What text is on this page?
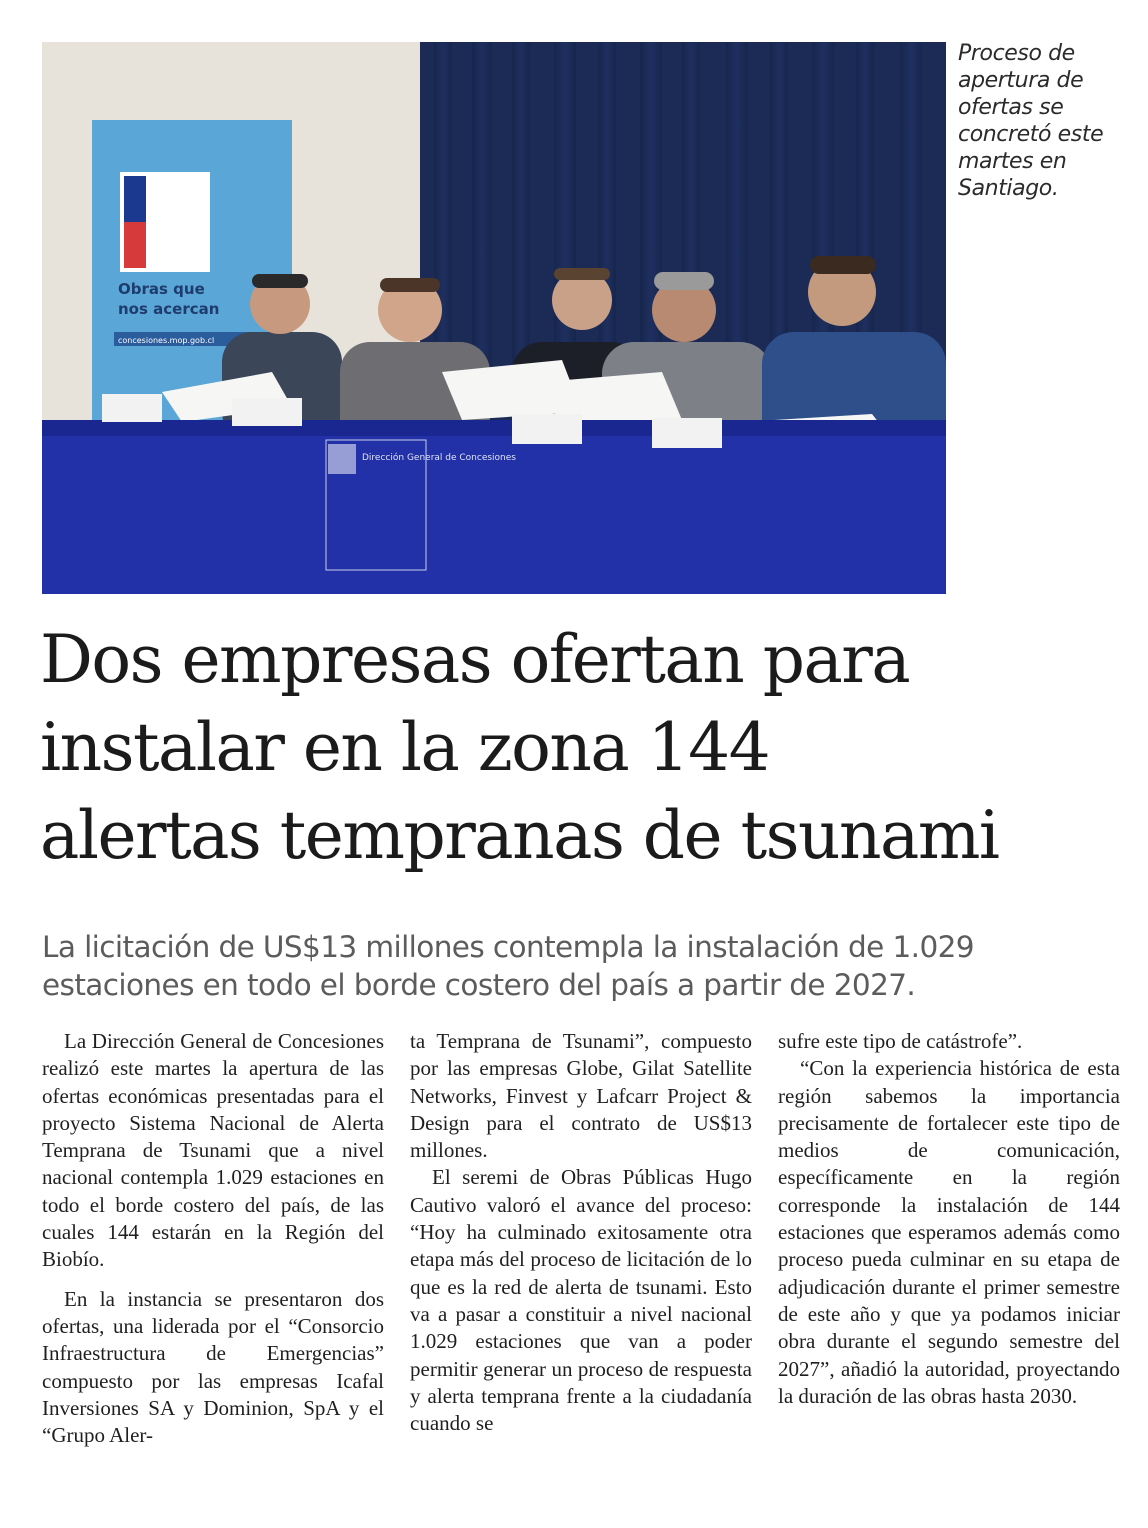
Obras que
nos acercan
concesiones.mop.gob.cl
Dirección General de Concesiones
Proceso de apertura de ofertas se concretó este martes en Santiago.
Dos empresas ofertan para
instalar en la zona 144
alertas tempranas de tsunami
La licitación de US$13 millones contempla la instalación de 1.029
estaciones en todo el borde costero del país a partir de 2027.

La Dirección General de Concesiones realizó este martes la apertura de las ofertas económicas presentadas para el proyecto Sistema Nacional de Alerta Temprana de Tsunami que a nivel nacional contempla 1.029 estaciones en todo el borde costero del país, de las cuales 144 estarán en la Región del Biobío.

En la instancia se presentaron dos ofertas, una liderada por el “Consorcio Infraestructura de Emergencias” compuesto por las empresas Icafal Inversiones SA y Dominion, SpA y el “Grupo Aler-

ta Temprana de Tsunami”, compuesto por las empresas Globe, Gilat Satellite Networks, Finvest y Lafcarr Project & Design para el contrato de US$13 millones.

El seremi de Obras Públicas Hugo Cautivo valoró el avance del proceso: “Hoy ha culminado exitosamente otra etapa más del proceso de licitación de lo que es la red de alerta de tsunami. Esto va a pasar a constituir a nivel nacional 1.029 estaciones que van a poder permitir generar un proceso de respuesta y alerta temprana frente a la ciudadanía cuando se

sufre este tipo de catástrofe”.

“Con la experiencia histórica de esta región sabemos la importancia precisamente de fortalecer este tipo de medios de comunicación, específicamente en la región corresponde la instalación de 144 estaciones que esperamos además como proceso pueda culminar en su etapa de adjudicación durante el primer semestre de este año y que ya podamos iniciar obra durante el segundo semestre del 2027”, añadió la autoridad, proyectando la duración de las obras hasta 2030.
